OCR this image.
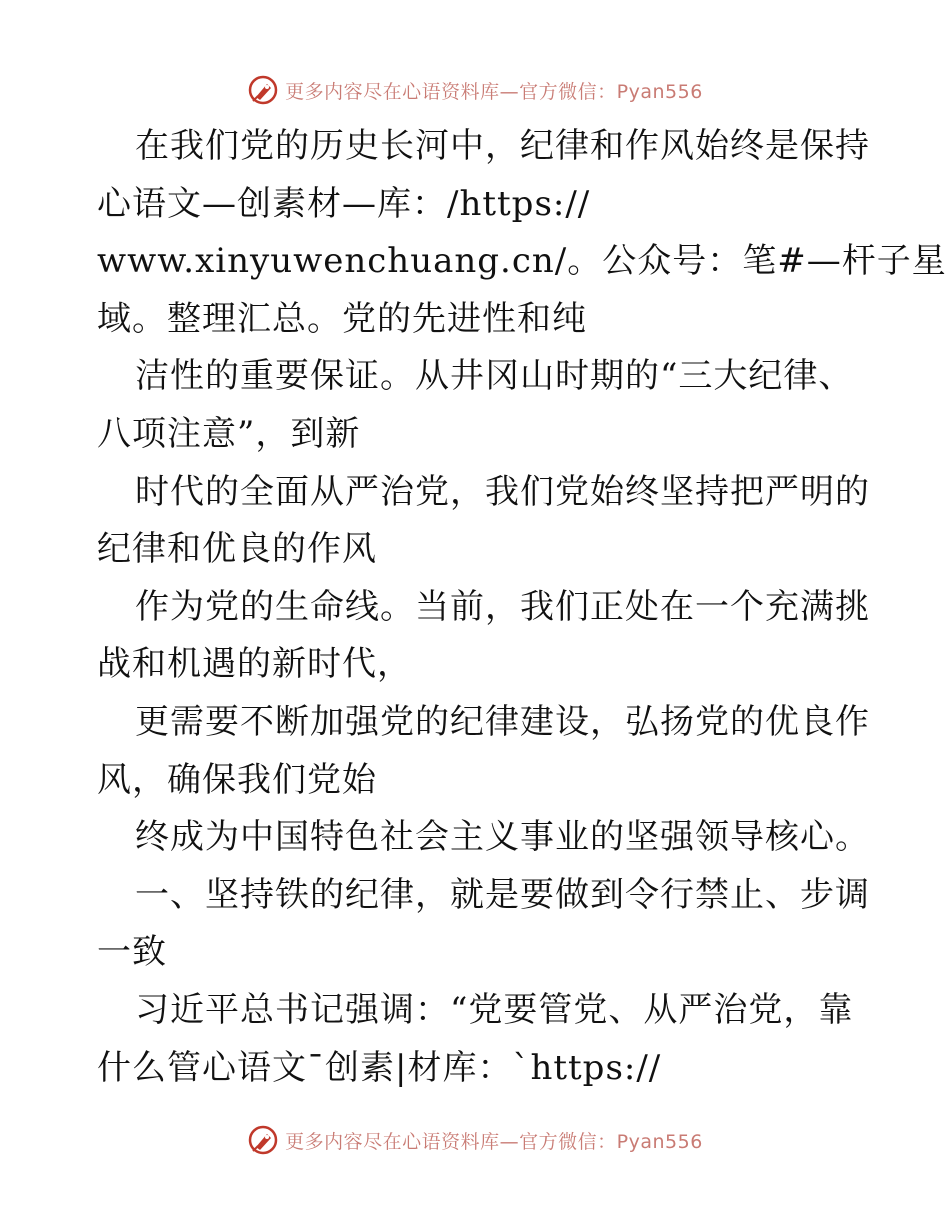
更多内容尽在心语资料库—官方微信：Pyan556
在我们党的历史长河中，纪律和作风始终是保持
心语文—创素材—库：/https://
www.xinyuwenchuang.cn/。公众号：笔#—杆子星
域。整理汇总。党的先进性和纯
洁性的重要保证。从井冈山时期的“三大纪律、
八项注意”，到新
时代的全面从严治党，我们党始终坚持把严明的
纪律和优良的作风
作为党的生命线。当前，我们正处在一个充满挑
战和机遇的新时代，
更需要不断加强党的纪律建设，弘扬党的优良作
风，确保我们党始
终成为中国特色社会主义事业的坚强领导核心。
一、坚持铁的纪律，就是要做到令行禁止、步调
一致
习近平总书记强调：“党要管党、从严治党，靠
什么管心语文¯创素|材库：`https://
更多内容尽在心语资料库—官方微信：Pyan556
